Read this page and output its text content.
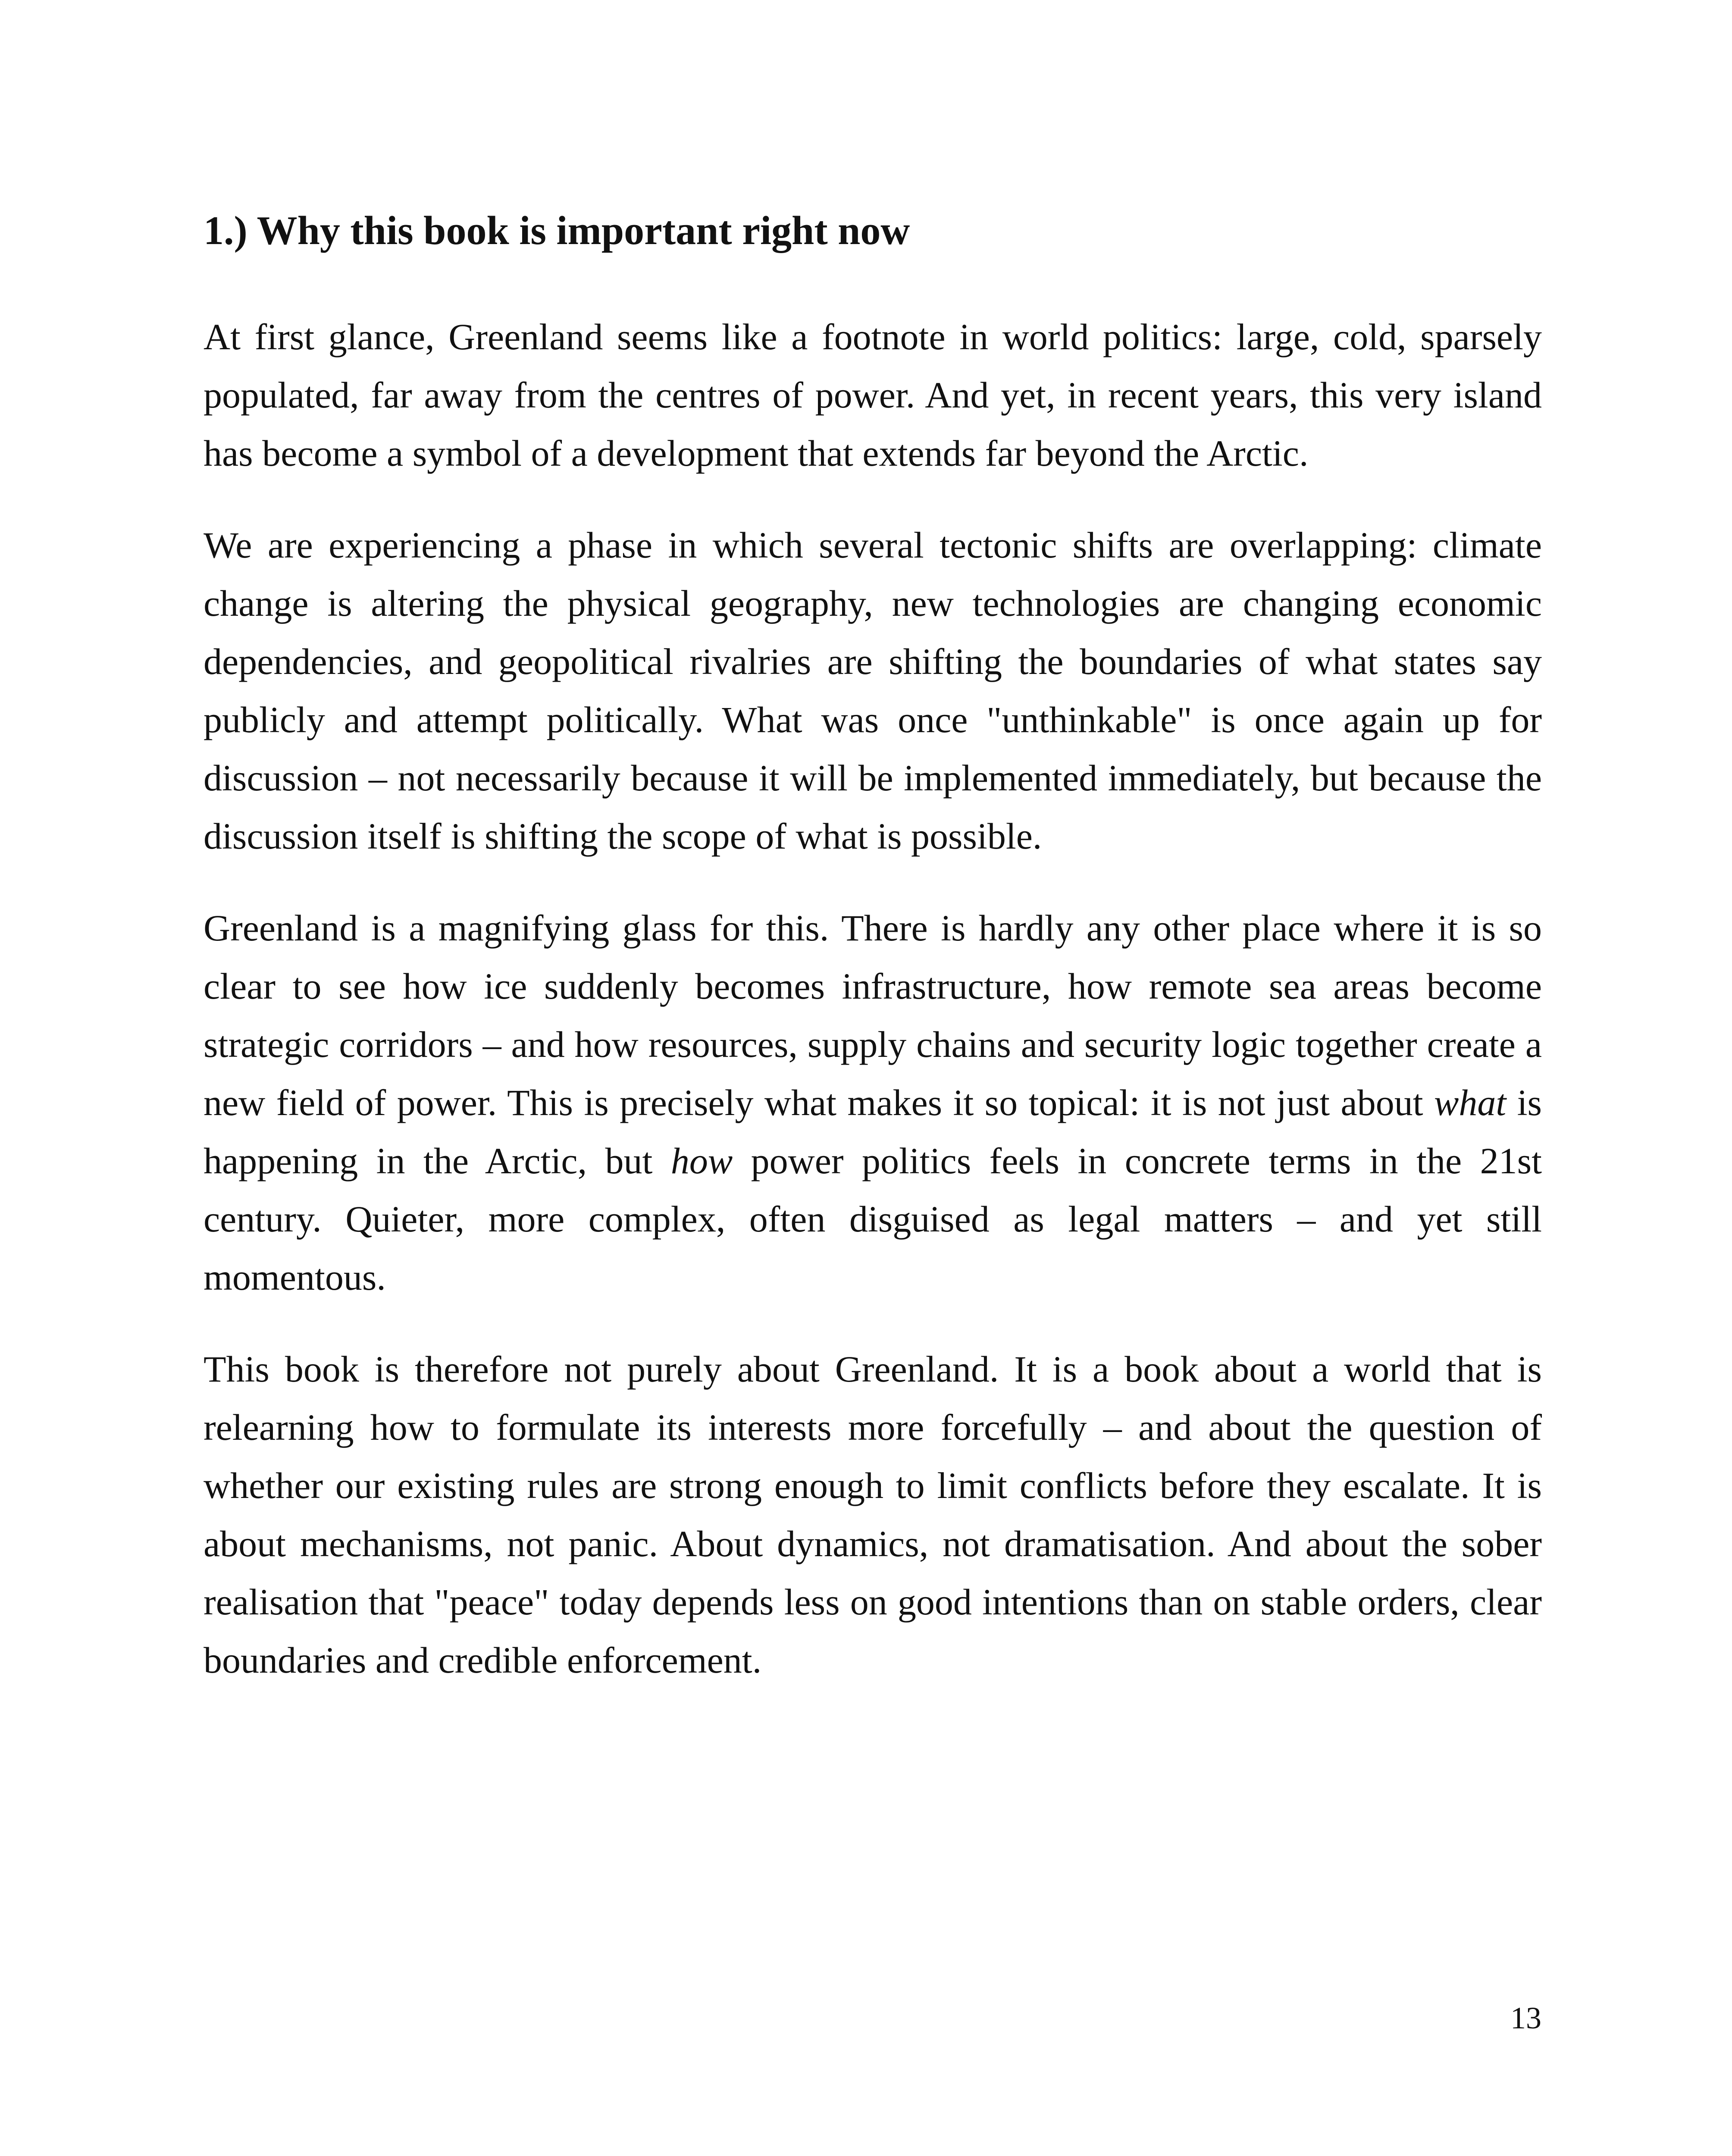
1.) Why this book is important right now

At first glance, Greenland seems like a footnote in world politics: large, cold, sparsely populated, far away from the centres of power. And yet, in recent years, this very island has become a symbol of a development that extends far beyond the Arctic.

We are experiencing a phase in which several tectonic shifts are overlapping: climate change is altering the physical geography, new technologies are changing economic dependencies, and geopolitical rivalries are shifting the boundaries of what states say publicly and attempt politically. What was once "unthinkable" is once again up for discussion – not necessarily because it will be implemented immediately, but because the discussion itself is shifting the scope of what is possible.

Greenland is a magnifying glass for this. There is hardly any other place where it is so clear to see how ice suddenly becomes infrastructure, how remote sea areas become strategic corridors – and how resources, supply chains and security logic together create a new field of power. This is precisely what makes it so topical: it is not just about what is happening in the Arctic, but how power politics feels in concrete terms in the 21st century. Quieter, more complex, often disguised as legal matters – and yet still momentous.

This book is therefore not purely about Greenland. It is a book about a world that is relearning how to formulate its interests more forcefully – and about the question of whether our existing rules are strong enough to limit conflicts before they escalate. It is about mechanisms, not panic. About dynamics, not dramatisation. And about the sober realisation that "peace" today depends less on good intentions than on stable orders, clear boundaries and credible enforcement.

13
